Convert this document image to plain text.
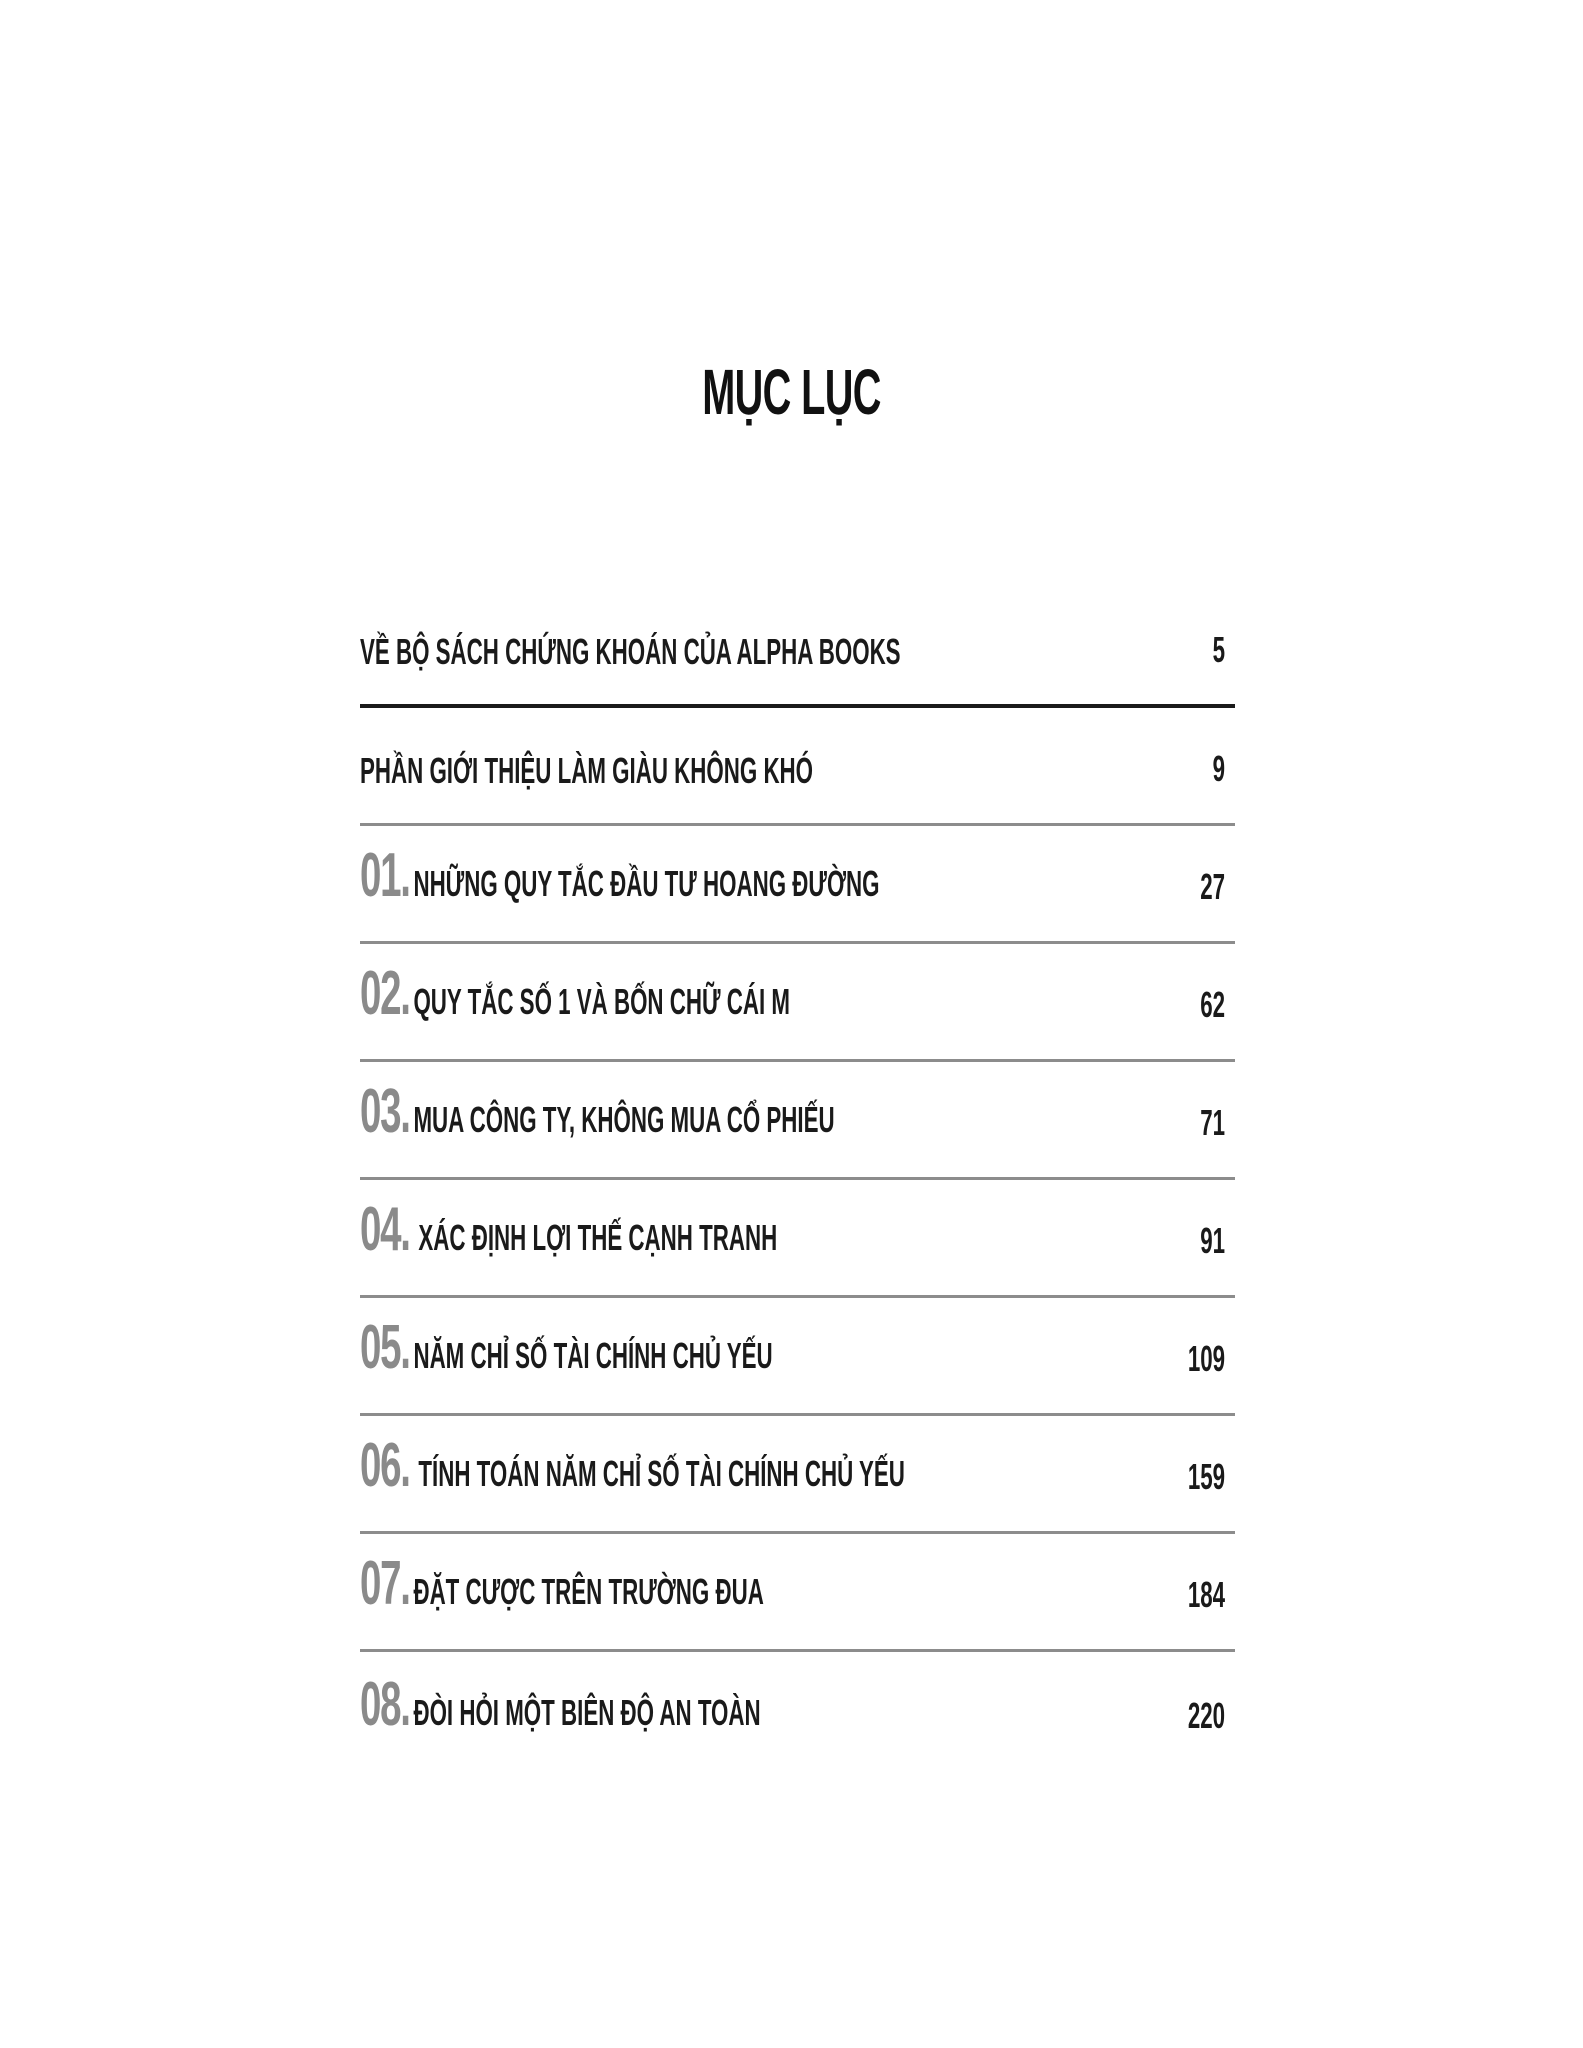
MỤC LỤC
VỀ BỘ SÁCH CHỨNG KHOÁN CỦA ALPHA BOOKS	5
PHẦN GIỚI THIỆU LÀM GIÀU KHÔNG KHÓ	9
01. NHỮNG QUY TẮC ĐẦU TƯ HOANG ĐƯỜNG	27
02. QUY TẮC SỐ 1 VÀ BỐN CHỮ CÁI M	62
03. MUA CÔNG TY, KHÔNG MUA CỔ PHIẾU	71
04. XÁC ĐỊNH LỢI THẾ CẠNH TRANH	91
05. NĂM CHỈ SỐ TÀI CHÍNH CHỦ YẾU	109
06. TÍNH TOÁN NĂM CHỈ SỐ TÀI CHÍNH CHỦ YẾU	159
07. ĐẶT CƯỢC TRÊN TRƯỜNG ĐUA	184
08. ĐÒI HỎI MỘT BIÊN ĐỘ AN TOÀN	220
